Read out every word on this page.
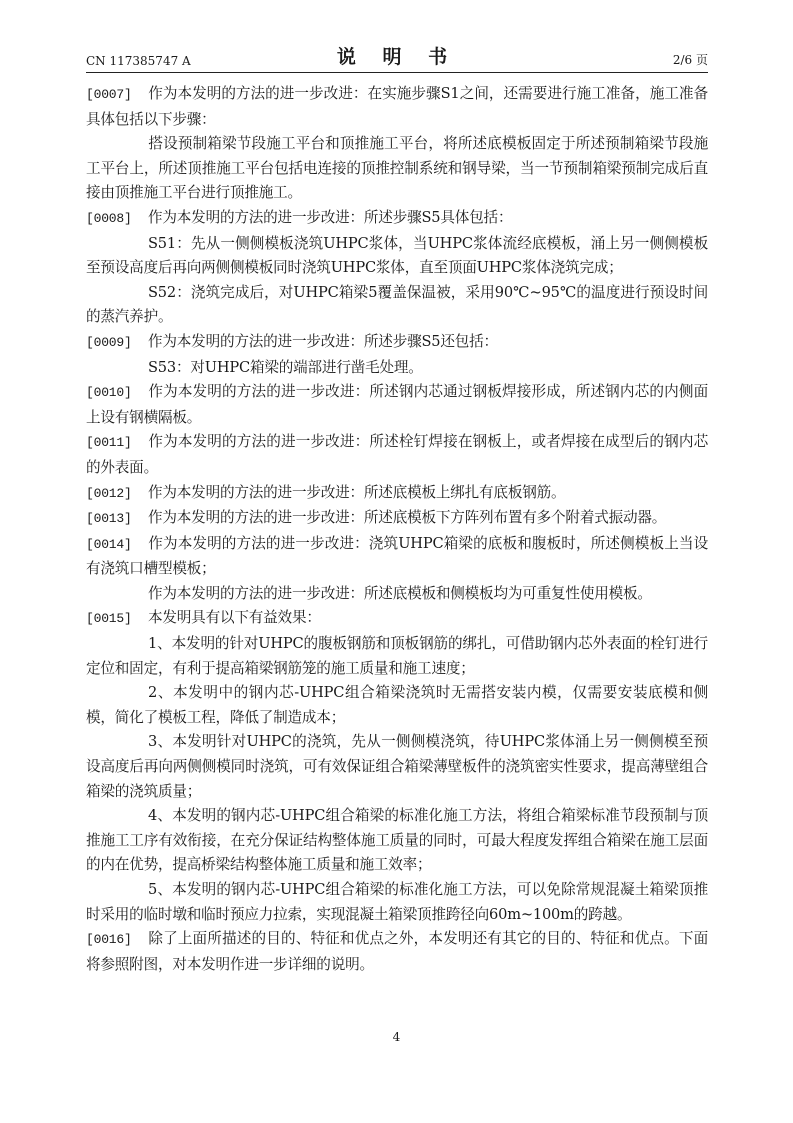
CN 117385747 A	说 明 书	2/6 页

[0007] 作为本发明的方法的进一步改进：在实施步骤S1之间，还需要进行施工准备，施工准备具体包括以下步骤：

搭设预制箱梁节段施工平台和顶推施工平台，将所述底模板固定于所述预制箱梁节段施工平台上，所述顶推施工平台包括电连接的顶推控制系统和钢导梁，当一节预制箱梁预制完成后直接由顶推施工平台进行顶推施工。

[0008] 作为本发明的方法的进一步改进：所述步骤S5具体包括：

S51：先从一侧侧模板浇筑UHPC浆体，当UHPC浆体流经底模板，涌上另一侧侧模板至预设高度后再向两侧侧模板同时浇筑UHPC浆体，直至顶面UHPC浆体浇筑完成；

S52：浇筑完成后，对UHPC箱梁5覆盖保温被，采用90℃~95℃的温度进行预设时间的蒸汽养护。

[0009] 作为本发明的方法的进一步改进：所述步骤S5还包括：

S53：对UHPC箱梁的端部进行凿毛处理。

[0010] 作为本发明的方法的进一步改进：所述钢内芯通过钢板焊接形成，所述钢内芯的内侧面上设有钢横隔板。

[0011] 作为本发明的方法的进一步改进：所述栓钉焊接在钢板上，或者焊接在成型后的钢内芯的外表面。

[0012] 作为本发明的方法的进一步改进：所述底模板上绑扎有底板钢筋。

[0013] 作为本发明的方法的进一步改进：所述底模板下方阵列布置有多个附着式振动器。

[0014] 作为本发明的方法的进一步改进：浇筑UHPC箱梁的底板和腹板时，所述侧模板上当设有浇筑口槽型模板；

作为本发明的方法的进一步改进：所述底模板和侧模板均为可重复性使用模板。

[0015] 本发明具有以下有益效果：

1、本发明的针对UHPC的腹板钢筋和顶板钢筋的绑扎，可借助钢内芯外表面的栓钉进行定位和固定，有利于提高箱梁钢筋笼的施工质量和施工速度；

2、本发明中的钢内芯-UHPC组合箱梁浇筑时无需搭安装内模，仅需要安装底模和侧模，简化了模板工程，降低了制造成本；

3、本发明针对UHPC的浇筑，先从一侧侧模浇筑，待UHPC浆体涌上另一侧侧模至预设高度后再向两侧侧模同时浇筑，可有效保证组合箱梁薄壁板件的浇筑密实性要求，提高薄壁组合箱梁的浇筑质量；

4、本发明的钢内芯-UHPC组合箱梁的标准化施工方法，将组合箱梁标准节段预制与顶推施工工序有效衔接，在充分保证结构整体施工质量的同时，可最大程度发挥组合箱梁在施工层面的内在优势，提高桥梁结构整体施工质量和施工效率；

5、本发明的钢内芯-UHPC组合箱梁的标准化施工方法，可以免除常规混凝土箱梁顶推时采用的临时墩和临时预应力拉索，实现混凝土箱梁顶推跨径向60m~100m的跨越。

[0016] 除了上面所描述的目的、特征和优点之外，本发明还有其它的目的、特征和优点。下面将参照附图，对本发明作进一步详细的说明。

4
